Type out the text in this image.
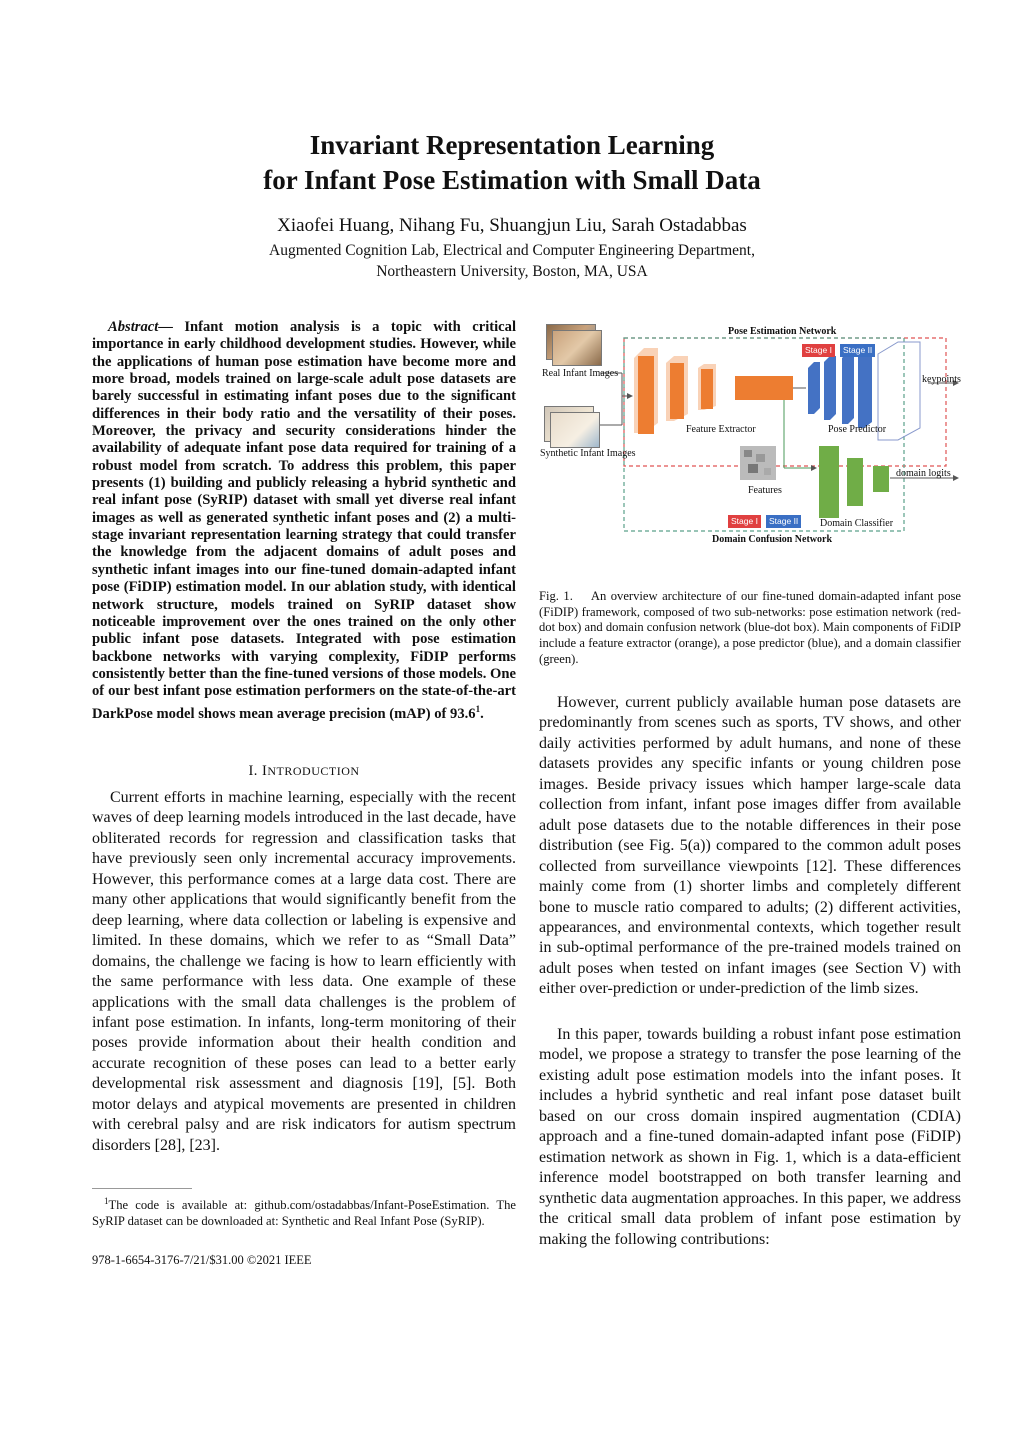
Invariant Representation Learning
for Infant Pose Estimation with Small Data
Xiaofei Huang, Nihang Fu, Shuangjun Liu, Sarah Ostadabbas
Augmented Cognition Lab, Electrical and Computer Engineering Department,
Northeastern University, Boston, MA, USA

Abstract— Infant motion analysis is a topic with critical importance in early childhood development studies. However, while the applications of human pose estimation have become more and more broad, models trained on large-scale adult pose datasets are barely successful in estimating infant poses due to the significant differences in their body ratio and the versatility of their poses. Moreover, the privacy and security considerations hinder the availability of adequate infant pose data required for training of a robust model from scratch. To address this problem, this paper presents (1) building and publicly releasing a hybrid synthetic and real infant pose (SyRIP) dataset with small yet diverse real infant images as well as generated synthetic infant poses and (2) a multi-stage invariant representation learning strategy that could transfer the knowledge from the adjacent domains of adult poses and synthetic infant images into our fine-tuned domain-adapted infant pose (FiDIP) estimation model. In our ablation study, with identical network structure, models trained on SyRIP dataset show noticeable improvement over the ones trained on the only other public infant pose datasets. Integrated with pose estimation backbone networks with varying complexity, FiDIP performs consistently better than the fine-tuned versions of those models. One of our best infant pose estimation performers on the state-of-the-art DarkPose model shows mean average precision (mAP) of 93.6$^1$.

I. INTRODUCTION

Current efforts in machine learning, especially with the recent waves of deep learning models introduced in the last decade, have obliterated records for regression and classification tasks that have previously seen only incremental accuracy improvements. However, this performance comes at a large data cost. There are many other applications that would significantly benefit from the deep learning, where data collection or labeling is expensive and limited. In these domains, which we refer to as “Small Data” domains, the challenge we facing is how to learn efficiently with the same performance with less data. One example of these applications with the small data challenges is the problem of infant pose estimation. In infants, long-term monitoring of their poses provide information about their health condition and accurate recognition of these poses can lead to a better early developmental risk assessment and diagnosis [19], [5]. Both motor delays and atypical movements are presented in children with cerebral palsy and are risk indicators for autism spectrum disorders [28], [23].

$^1$The code is available at: github.com/ostadabbas/Infant-PoseEstimation. The SyRIP dataset can be downloaded at: Synthetic and Real Infant Pose (SyRIP).

978-1-6654-3176-7/21/$31.00 ©2021 IEEE
Real Infant Images
Synthetic Infant Images
Pose Estimation Network
Feature Extractor	Pose Predictor
Features
Domain Classifier
keypoints
domain logits
Domain Confusion Network
Stage I	Stage II
Stage I	Stage II

Fig. 1. An overview architecture of our fine-tuned domain-adapted infant pose (FiDIP) framework, composed of two sub-networks: pose estimation network (red-dot box) and domain confusion network (blue-dot box). Main components of FiDIP include a feature extractor (orange), a pose predictor (blue), and a domain classifier (green).

However, current publicly available human pose datasets are predominantly from scenes such as sports, TV shows, and other daily activities performed by adult humans, and none of these datasets provides any specific infants or young children pose images. Beside privacy issues which hamper large-scale data collection from infant, infant pose images differ from available adult pose datasets due to the notable differences in their pose distribution (see Fig. 5(a)) compared to the common adult poses collected from surveillance viewpoints [12]. These differences mainly come from (1) shorter limbs and completely different bone to muscle ratio compared to adults; (2) different activities, appearances, and environmental contexts, which together result in sub-optimal performance of the pre-trained models trained on adult poses when tested on infant images (see Section V) with either over-prediction or under-prediction of the limb sizes.

In this paper, towards building a robust infant pose estimation model, we propose a strategy to transfer the pose learning of the existing adult pose estimation models into the infant poses. It includes a hybrid synthetic and real infant pose dataset built based on our cross domain inspired augmentation (CDIA) approach and a fine-tuned domain-adapted infant pose (FiDIP) estimation network as shown in Fig. 1, which is a data-efficient inference model bootstrapped on both transfer learning and synthetic data augmentation approaches. In this paper, we address the critical small data problem of infant pose estimation by making the following contributions:
